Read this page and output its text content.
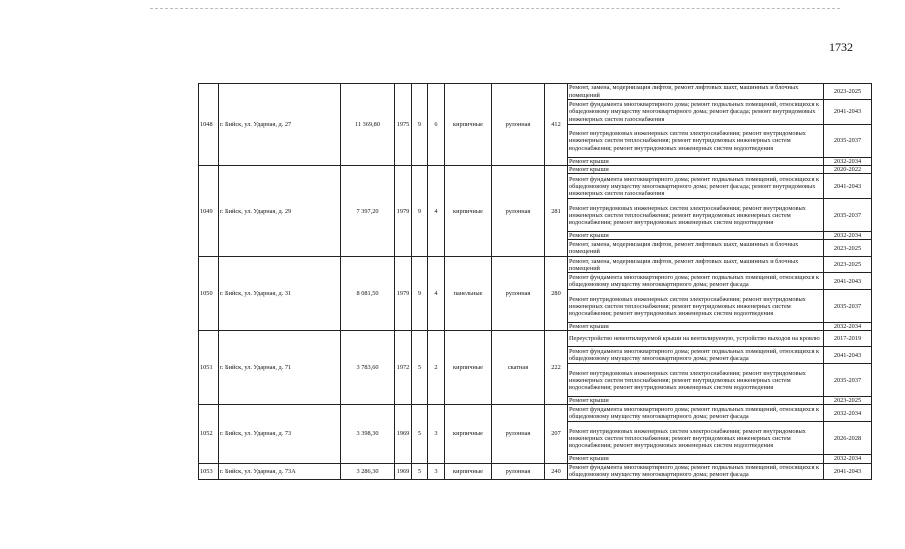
1732
1048	г. Бийск, ул. Ударная, д. 27	11 369,80	1975	9	6	кирпичные	рулонная	412	Ремонт, замена, модернизация лифтов, ремонт лифтовых шахт, машинных и блочных помещений	2023-2025
									Ремонт фундамента многоквартирного дома; ремонт подвальных помещений, относящихся к общедомовому имуществу многоквартирного дома; ремонт фасада; ремонт внутридомовых инженерных систем газоснабжения	2041-2043
									Ремонт внутридомовых инженерных систем электроснабжения; ремонт внутридомовых инженерных систем теплоснабжения; ремонт внутридомовых инженерных систем водоснабжения; ремонт внутридомовых инженерных систем водоотведения	2035-2037
									Ремонт крыши	2032-2034
1049	г. Бийск, ул. Ударная, д. 29	7 397,20	1979	9	4	кирпичные	рулонная	281	Ремонт крыши	2020-2022
									Ремонт фундамента многоквартирного дома; ремонт подвальных помещений, относящихся к общедомовому имуществу многоквартирного дома; ремонт фасада; ремонт внутридомовых инженерных систем газоснабжения	2041-2043
									Ремонт внутридомовых инженерных систем электроснабжения; ремонт внутридомовых инженерных систем теплоснабжения; ремонт внутридомовых инженерных систем водоснабжения; ремонт внутридомовых инженерных систем водоотведения	2035-2037
									Ремонт крыши	2032-2034
									Ремонт, замена, модернизация лифтов, ремонт лифтовых шахт, машинных и блочных помещений	2023-2025
1050	г. Бийск, ул. Ударная, д. 31	8 081,50	1979	9	4	панельные	рулонная	280	Ремонт, замена, модернизация лифтов, ремонт лифтовых шахт, машинных и блочных помещений	2023-2025
									Ремонт фундамента многоквартирного дома; ремонт подвальных помещений, относящихся к общедомовому имуществу многоквартирного дома; ремонт фасада	2041-2043
									Ремонт внутридомовых инженерных систем электроснабжения; ремонт внутридомовых инженерных систем теплоснабжения; ремонт внутридомовых инженерных систем водоснабжения; ремонт внутридомовых инженерных систем водоотведения	2035-2037
									Ремонт крыши	2032-2034
1051	г. Бийск, ул. Ударная, д. 71	3 783,60	1972	5	2	кирпичные	скатная	222	Переустройство невентилируемой крыши на вентилируемую, устройство выходов на кровлю	2017-2019
									Ремонт фундамента многоквартирного дома; ремонт подвальных помещений, относящихся к общедомовому имуществу многоквартирного дома; ремонт фасада	2041-2043
									Ремонт внутридомовых инженерных систем электроснабжения; ремонт внутридомовых инженерных систем теплоснабжения; ремонт внутридомовых инженерных систем водоснабжения; ремонт внутридомовых инженерных систем водоотведения	2035-2037
									Ремонт крыши	2023-2025
1052	г. Бийск, ул. Ударная, д. 73	3 398,30	1969	5	3	кирпичные	рулонная	207	Ремонт фундамента многоквартирного дома; ремонт подвальных помещений, относящихся к общедомовому имуществу многоквартирного дома; ремонт фасада	2032-2034
									Ремонт внутридомовых инженерных систем электроснабжения; ремонт внутридомовых инженерных систем теплоснабжения; ремонт внутридомовых инженерных систем водоснабжения; ремонт внутридомовых инженерных систем водоотведения	2026-2028
									Ремонт крыши	2032-2034
1053	г. Бийск, ул. Ударная, д. 73А	3 286,30	1969	5	3	кирпичные	рулонная	240	Ремонт фундамента многоквартирного дома; ремонт подвальных помещений, относящихся к общедомовому имуществу многоквартирного дома; ремонт фасада	2041-2043
